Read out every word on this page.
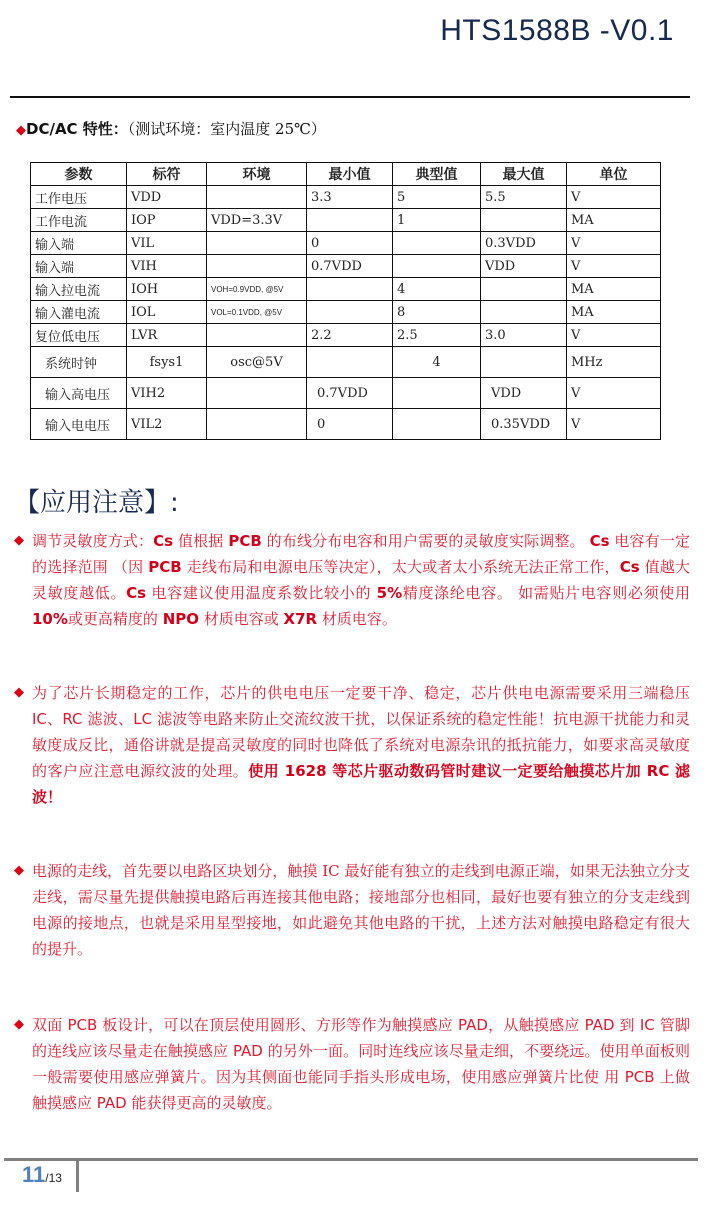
HTS1588B -V0.1
◆DC/AC 特性：（测试环境：室内温度 25℃）
参数	标符	环境	最小值	典型值	最大值	单位
工作电压	VDD		3.3	5	5.5	V
工作电流	IOP	VDD=3.3V		1		MA
输入端	VIL		0		0.3VDD	V
输入端	VIH		0.7VDD		VDD	V
输入拉电流	IOH	VOH=0.9VDD, @5V		4		MA
输入灌电流	IOL	VOL=0.1VDD, @5V		8		MA
复位低电压	LVR		2.2	2.5	3.0	V
系统时钟	fsys1	osc@5V		4		MHz
输入高电压	VIH2		0.7VDD		VDD	V
输入电电压	VIL2		0		0.35VDD	V
【应用注意】:
◆ 调节灵敏度方式：Cs 值根据 PCB 的布线分布电容和用户需要的灵敏度实际调整。 Cs 电容有一定的选择范围 （因 PCB 走线布局和电源电压等决定），太大或者太小系统无法正常工作，Cs 值越大灵敏度越低。Cs 电容建议使用温度系数比较小的 5%精度涤纶电容。 如需贴片电容则必须使用 10%或更高精度的 NPO 材质电容或 X7R 材质电容。
◆ 为了芯片长期稳定的工作，芯片的供电电压一定要干净、稳定，芯片供电电源需要采用三端稳压 IC、RC 滤波、LC 滤波等电路来防止交流纹波干扰，以保证系统的稳定性能！抗电源干扰能力和灵敏度成反比，通俗讲就是提高灵敏度的同时也降低了系统对电源杂讯的抵抗能力，如要求高灵敏度的客户应注意电源纹波的处理。使用 1628 等芯片驱动数码管时建议一定要给触摸芯片加 RC 滤波！
◆ 电源的走线，首先要以电路区块划分，触摸 IC 最好能有独立的走线到电源正端，如果无法独立分支走线，需尽量先提供触摸电路后再连接其他电路；接地部分也相同，最好也要有独立的分支走线到电源的接地点，也就是采用星型接地，如此避免其他电路的干扰，上述方法对触摸电路稳定有很大的提升。
◆ 双面 PCB 板设计，可以在顶层使用圆形、方形等作为触摸感应 PAD，从触摸感应 PAD 到 IC 管脚的连线应该尽量走在触摸感应 PAD 的另外一面。同时连线应该尽量走细，不要绕远。使用单面板则一般需要使用感应弹簧片。因为其侧面也能同手指头形成电场，使用感应弹簧片比使 用 PCB 上做触摸感应 PAD 能获得更高的灵敏度。
11/13
